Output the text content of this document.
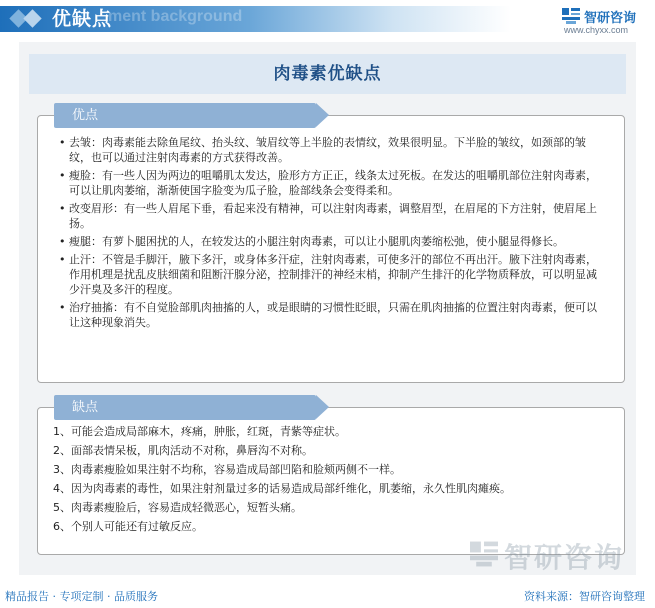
优缺点
ment background	智研咨询
www.chyxx.com
肉毒素优缺点
优点
• 去皱：肉毒素能去除鱼尾纹、抬头纹、皱眉纹等上半脸的表情纹，效果很明显。下半脸的皱纹，如颈部的皱纹，也可以通过注射肉毒素的方式获得改善。
• 瘦脸：有一些人因为两边的咀嚼肌太发达，脸形方方正正，线条太过死板。在发达的咀嚼肌部位注射肉毒素，可以让肌肉萎缩，渐渐使国字脸变为瓜子脸，脸部线条会变得柔和。
• 改变眉形：有一些人眉尾下垂，看起来没有精神，可以注射肉毒素，调整眉型，在眉尾的下方注射，使眉尾上扬。
• 瘦腿：有萝卜腿困扰的人，在较发达的小腿注射肉毒素，可以让小腿肌肉萎缩松弛，使小腿显得修长。
• 止汗：不管是手脚汗，腋下多汗，或身体多汗症，注射肉毒素，可使多汗的部位不再出汗。腋下注射肉毒素，作用机理是扰乱皮肤细菌和阻断汗腺分泌，控制排汗的神经末梢，抑制产生排汗的化学物质释放，可以明显减少汗臭及多汗的程度。
• 治疗抽搐：有不自觉脸部肌肉抽搐的人，或是眼睛的习惯性眨眼，只需在肌肉抽搐的位置注射肉毒素，便可以让这种现象消失。
缺点
1、可能会造成局部麻木，疼痛，肿胀，红斑，青紫等症状。
2、面部表情呆板，肌肉活动不对称，鼻唇沟不对称。
3、肉毒素瘦脸如果注射不均称，容易造成局部凹陷和脸颊两侧不一样。
4、因为肉毒素的毒性，如果注射剂量过多的话易造成局部纤维化，肌萎缩，永久性肌肉瘫痪。
5、肉毒素瘦脸后，容易造成轻微恶心，短暂头痛。
6、个别人可能还有过敏反应。
智研咨询
精品报告 · 专项定制 · 品质服务	资料来源：智研咨询整理
